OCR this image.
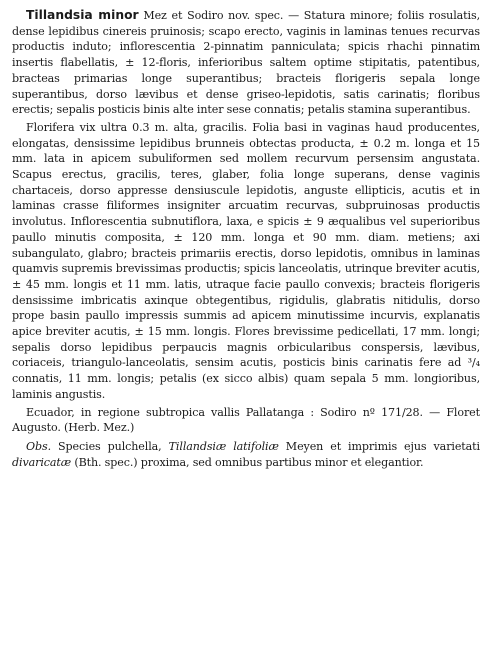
Tillandsia minor Mez et Sodiro nov. spec. — Statura minore; foliis rosulatis, dense lepidibus cinereis pruinosis; scapo erecto, vaginis in laminas tenues recurvas productis induto; inflorescentia 2-pinnatim panniculata; spicis rhachi pinnatim insertis flabellatis, ± 12-floris, inferioribus saltem optime stipitatis, patentibus, bracteas primarias longe superantibus; bracteis florigeris sepala longe superantibus, dorso lævibus et dense griseo-lepidotis, satis carinatis; floribus erectis; sepalis posticis binis alte inter sese connatis; petalis stamina superantibus.

Florifera vix ultra 0.3 m. alta, gracilis. Folia basi in vaginas haud producentes, elongatas, densissime lepidibus brunneis obtectas producta, ± 0.2 m. longa et 15 mm. lata in apicem subuliformen sed mollem recurvum persensim angustata. Scapus erectus, gracilis, teres, glaber, folia longe superans, dense vaginis chartaceis, dorso appresse densiuscule lepidotis, anguste ellipticis, acutis et in laminas crasse filiformes insigniter arcuatim recurvas, subpruinosas productis involutus. Inflorescentia subnutiflora, laxa, e spicis ± 9 æqualibus vel superioribus paullo minutis composita, ± 120 mm. longa et 90 mm. diam. metiens; axi subangulato, glabro; bracteis primariis erectis, dorso lepidotis, omnibus in laminas quamvis supremis brevissimas productis; spicis lanceolatis, utrinque breviter acutis, ± 45 mm. longis et 11 mm. latis, utraque facie paullo convexis; bracteis florigeris densissime imbricatis axinque obtegentibus, rigidulis, glabratis nitidulis, dorso prope basin paullo impressis summis ad apicem minutissime incurvis, explanatis apice breviter acutis, ± 15 mm. longis. Flores brevissime pedicellati, 17 mm. longi; sepalis dorso lepidibus perpaucis magnis orbicularibus conspersis, lævibus, coriaceis, triangulo-lanceolatis, sensim acutis, posticis binis carinatis fere ad ³/₄ connatis, 11 mm. longis; petalis (ex sicco albis) quam sepala 5 mm. longioribus, laminis angustis.

Ecuador, in regione subtropica vallis Pallatanga : Sodiro nº 171/28. — Floret Augusto. (Herb. Mez.)

Obs. Species pulchella, Tillandsiæ latifoliæ Meyen et imprimis ejus varietati divaricatæ (Bth. spec.) proxima, sed omnibus partibus minor et elegantior.
